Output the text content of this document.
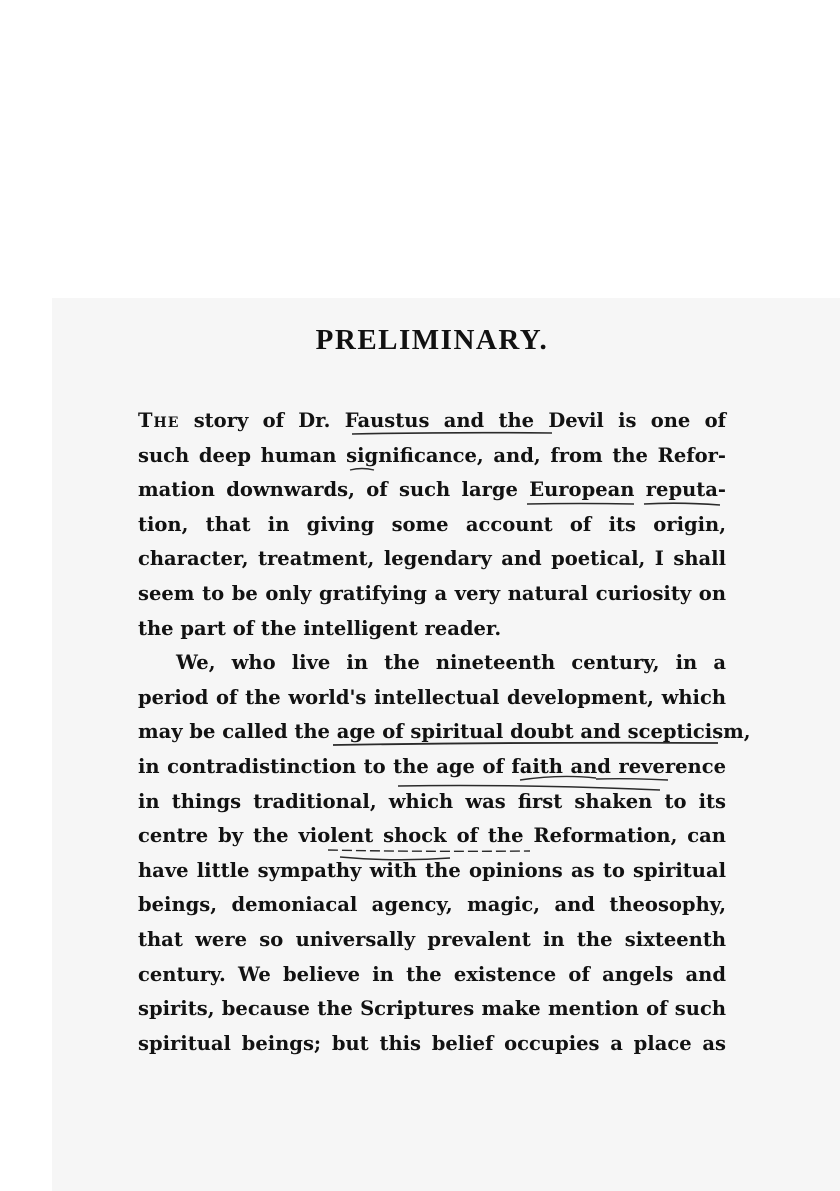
PRELIMINARY.
The story of Dr. Faustus and the Devil is one of
such deep human significance, and, from the Refor-
mation downwards, of such large European reputa-
tion, that in giving some account of its origin,
character, treatment, legendary and poetical, I shall
seem to be only gratifying a very natural curiosity on
the part of the intelligent reader.
We, who live in the nineteenth century, in a
period of the world's intellectual development, which
may be called the age of spiritual doubt and scepticism,
in contradistinction to the age of faith and reverence
in things traditional, which was first shaken to its
centre by the violent shock of the Reformation, can
have little sympathy with the opinions as to spiritual
beings, demoniacal agency, magic, and theosophy,
that were so universally prevalent in the sixteenth
century. We believe in the existence of angels and
spirits, because the Scriptures make mention of such
spiritual beings; but this belief occupies a place as
